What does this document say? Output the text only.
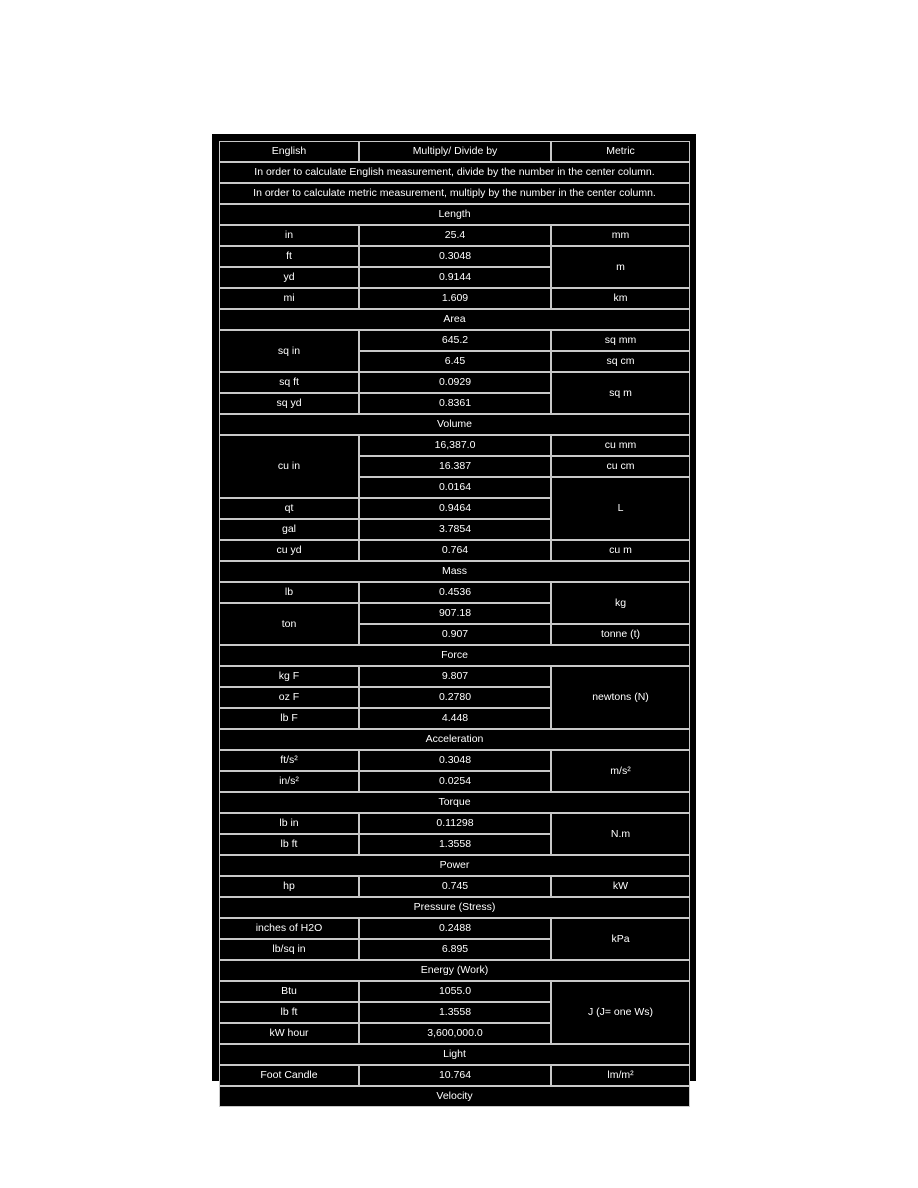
English	Multiply/ Divide by	Metric
In order to calculate English measurement, divide by the number in the center column.		
In order to calculate metric measurement, multiply by the number in the center column.		
Length		
in	25.4	mm
ft	0.3048	m
yd	0.9144	
mi	1.609	km
Area		
sq in	645.2	sq mm
	6.45	sq cm
sq ft	0.0929	sq m
sq yd	0.8361	
Volume		
cu in	16,387.0	cu mm
	16.387	cu cm
	0.0164	L
qt	0.9464	
gal	3.7854	
cu yd	0.764	cu m
Mass		
lb	0.4536	kg
ton	907.18	
	0.907	tonne (t)
Force		
kg F	9.807	newtons (N)
oz F	0.2780	
lb F	4.448	
Acceleration		
ft/s²	0.3048	m/s²
in/s²	0.0254	
Torque		
lb in	0.11298	N.m
lb ft	1.3558	
Power		
hp	0.745	kW
Pressure (Stress)		
inches of H2O	0.2488	kPa
lb/sq in	6.895	
Energy (Work)		
Btu	1055.0	J (J= one Ws)
lb ft	1.3558	
kW hour	3,600,000.0	
Light		
Foot Candle	10.764	lm/m²
Velocity		
